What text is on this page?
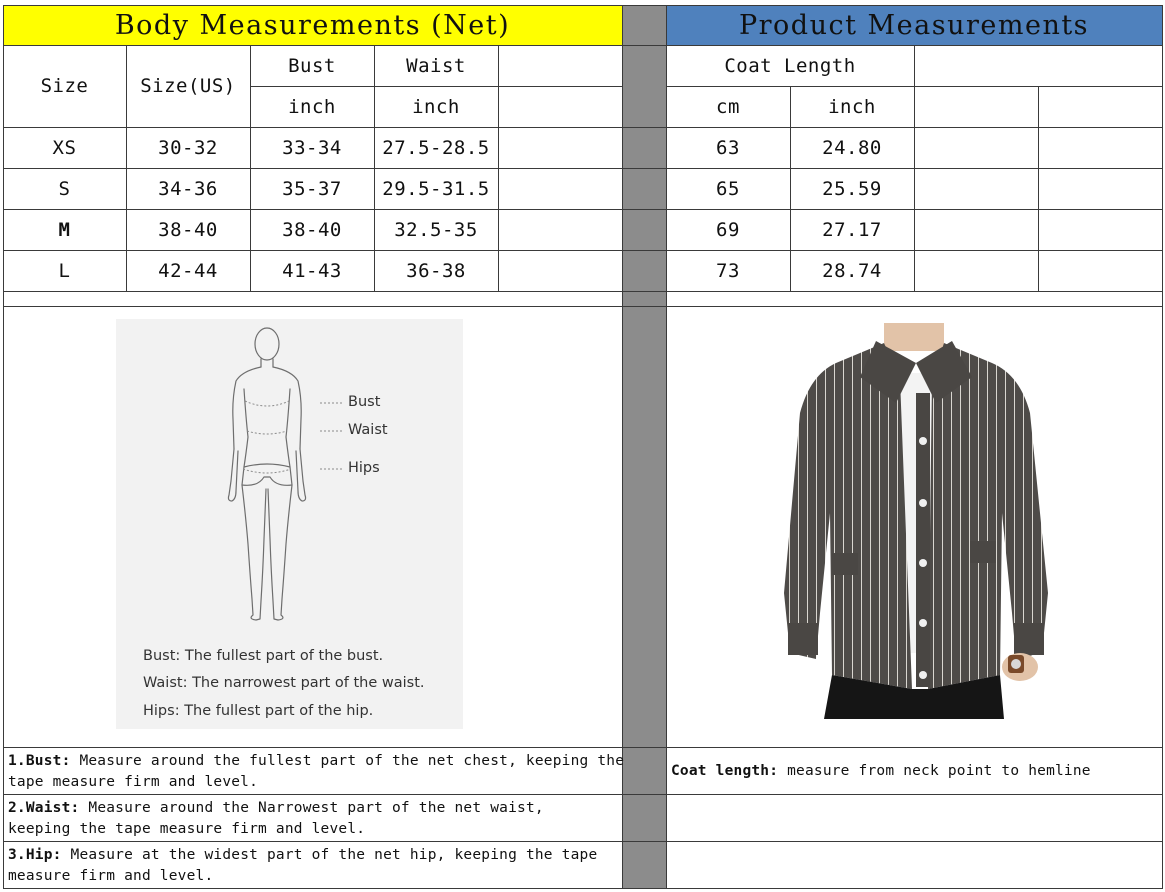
Body Measurements (Net)	Product Measurements
Size	Size(US)
Bust	Waist
inch	inch
XS	30-32	33-34	27.5-28.5
S	34-36	35-37	29.5-31.5
M	38-40	38-40	32.5-35
L	42-44	41-43	36-38
Coat Length
cm	inch
63	24.80
65	25.59
69	27.17
73	28.74
Bust
Waist
Hips
Bust: The fullest part of the bust.
Waist: The narrowest part of the waist.
Hips: The fullest part of the hip.
1.Bust: Measure around the fullest part of the net chest, keeping the tape measure firm and level.
2.Waist: Measure around the Narrowest part of the net waist, keeping the tape measure firm and level.
3.Hip: Measure at the widest part of the net hip, keeping the tape measure firm and level.
Coat length: measure from neck point to hemline
